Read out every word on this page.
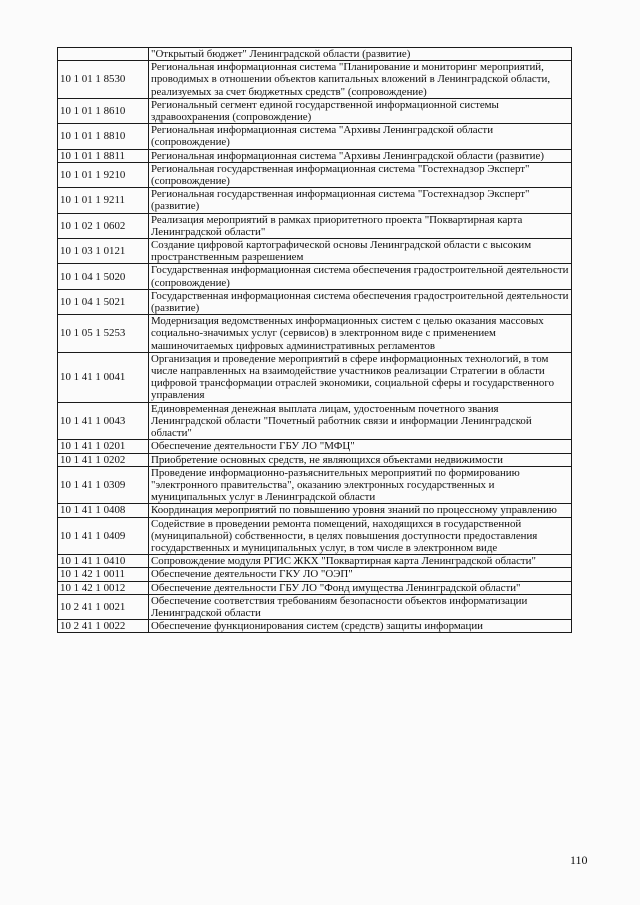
	"Открытый бюджет" Ленинградской области (развитие)
10 1 01 1 8530	Региональная информационная система "Планирование и мониторинг мероприятий, проводимых в отношении объектов капитальных вложений в Ленинградской области, реализуемых за счет бюджетных средств" (сопровождение)
10 1 01 1 8610	Региональный сегмент единой государственной информационной системы здравоохранения (сопровождение)
10 1 01 1 8810	Региональная информационная система "Архивы Ленинградской области (сопровождение)
10 1 01 1 8811	Региональная информационная система "Архивы Ленинградской области (развитие)
10 1 01 1 9210	Региональная государственная информационная система "Гостехнадзор Эксперт" (сопровождение)
10 1 01 1 9211	Региональная государственная информационная система "Гостехнадзор Эксперт" (развитие)
10 1 02 1 0602	Реализация мероприятий в рамках приоритетного проекта "Поквартирная карта Ленинградской области"
10 1 03 1 0121	Создание цифровой картографической основы Ленинградской области с высоким пространственным разрешением
10 1 04 1 5020	Государственная информационная система обеспечения градостроительной деятельности (сопровождение)
10 1 04 1 5021	Государственная информационная система обеспечения градостроительной деятельности (развитие)
10 1 05 1 5253	Модернизация ведомственных информационных систем с целью оказания массовых социально-значимых услуг (сервисов) в электронном виде с применением машиночитаемых цифровых административных регламентов
10 1 41 1 0041	Организация и проведение мероприятий в сфере информационных технологий, в том числе направленных на взаимодействие участников реализации Стратегии в области цифровой трансформации отраслей экономики, социальной сферы и государственного управления
10 1 41 1 0043	Единовременная денежная выплата лицам, удостоенным почетного звания Ленинградской области "Почетный работник связи и информации Ленинградской области"
10 1 41 1 0201	Обеспечение деятельности ГБУ ЛО "МФЦ"
10 1 41 1 0202	Приобретение основных средств, не являющихся объектами недвижимости
10 1 41 1 0309	Проведение информационно-разъяснительных мероприятий по формированию "электронного правительства", оказанию электронных государственных и муниципальных услуг в Ленинградской области
10 1 41 1 0408	Координация мероприятий по повышению уровня знаний по процессному управлению
10 1 41 1 0409	Содействие в проведении ремонта помещений, находящихся в государственной (муниципальной) собственности, в целях повышения доступности предоставления государственных и муниципальных услуг, в том числе в электронном виде
10 1 41 1 0410	Сопровождение модуля РГИС ЖКХ "Поквартирная карта Ленинградской области"
10 1 42 1 0011	Обеспечение деятельности ГКУ ЛО "ОЭП"
10 1 42 1 0012	Обеспечение деятельности ГБУ ЛО "Фонд имущества Ленинградской области"
10 2 41 1 0021	Обеспечение соответствия требованиям безопасности объектов информатизации Ленинградской области
10 2 41 1 0022	Обеспечение функционирования систем (средств) защиты информации
110
